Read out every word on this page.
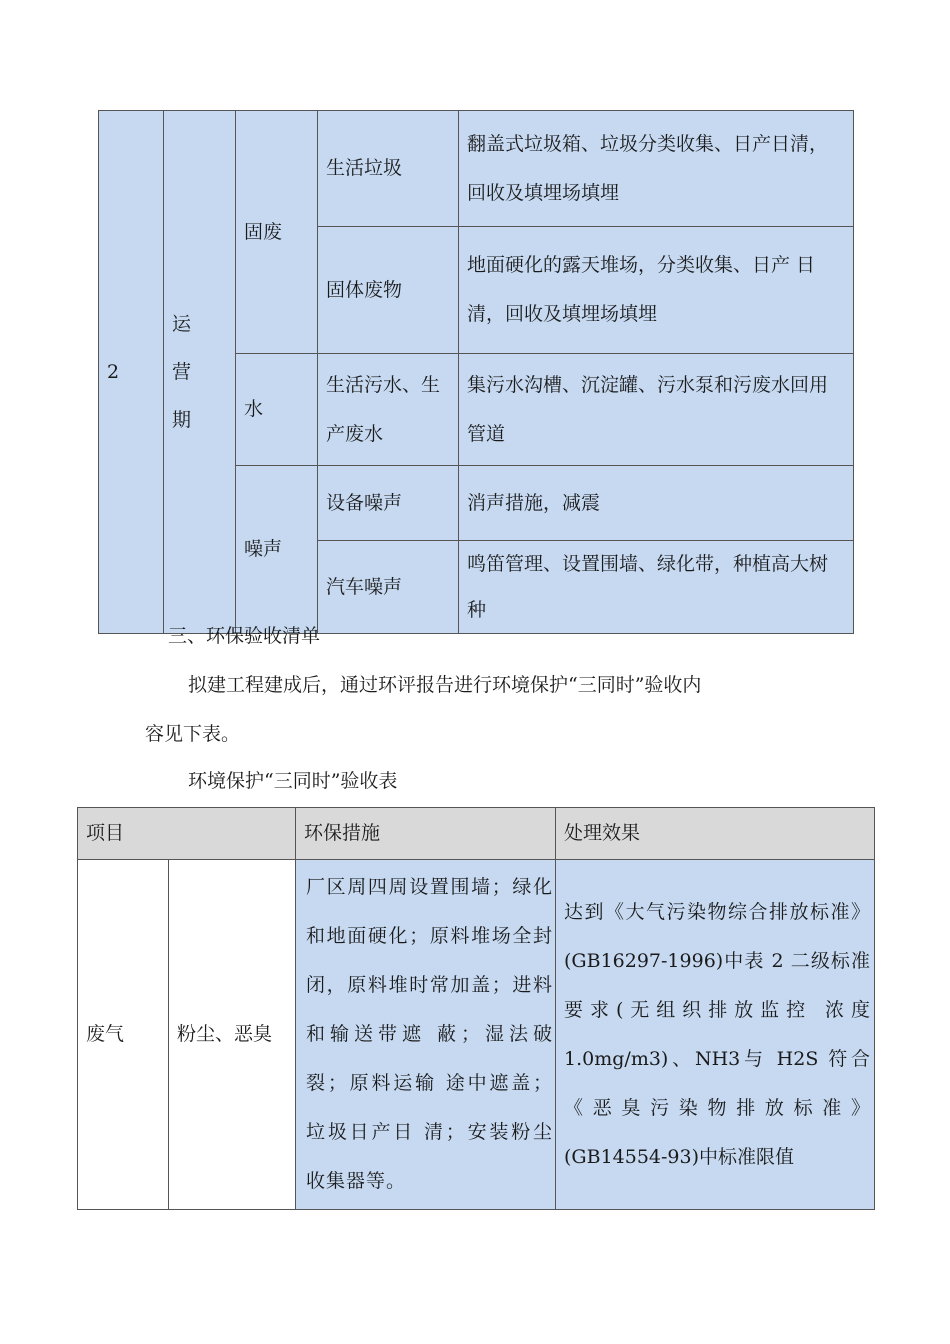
2	运
营
期	固废	生活垃圾	翻盖式垃圾箱、垃圾分类收集、日产日清，回收及填埋场填埋

			固体废物	地面硬化的露天堆场，分类收集、日产 日清，回收及填埋场填埋

		水	生活污水、生产废水	集污水沟槽、沉淀罐、污水泵和污废水回用管道

		噪声	设备噪声	消声措施，减震

			汽车噪声	鸣笛管理、设置围墙、绿化带，种植高大树种
三、环保验收清单
拟建工程建成后，通过环评报告进行环境保护“三同时”验收内
容见下表。
环境保护“三同时”验收表
项目		环保措施	处理效果

废气	粉尘、恶臭	厂区周四周设置围墙；绿化和地面硬化；原料堆场全封闭，原料堆时常加盖；进料和输送带遮 蔽；湿法破裂；原料运输 途中遮盖；垃圾日产日 清；安装粉尘收集器等。	达到《大气污染物综合排放标准》(GB16297-1996)中表 2 二级标准要求(无组织排放监控 浓度 1.0mg/m3)、NH3与 H2S 符合 《恶臭污染物排放标准》 (GB14554-93)中标准限值
